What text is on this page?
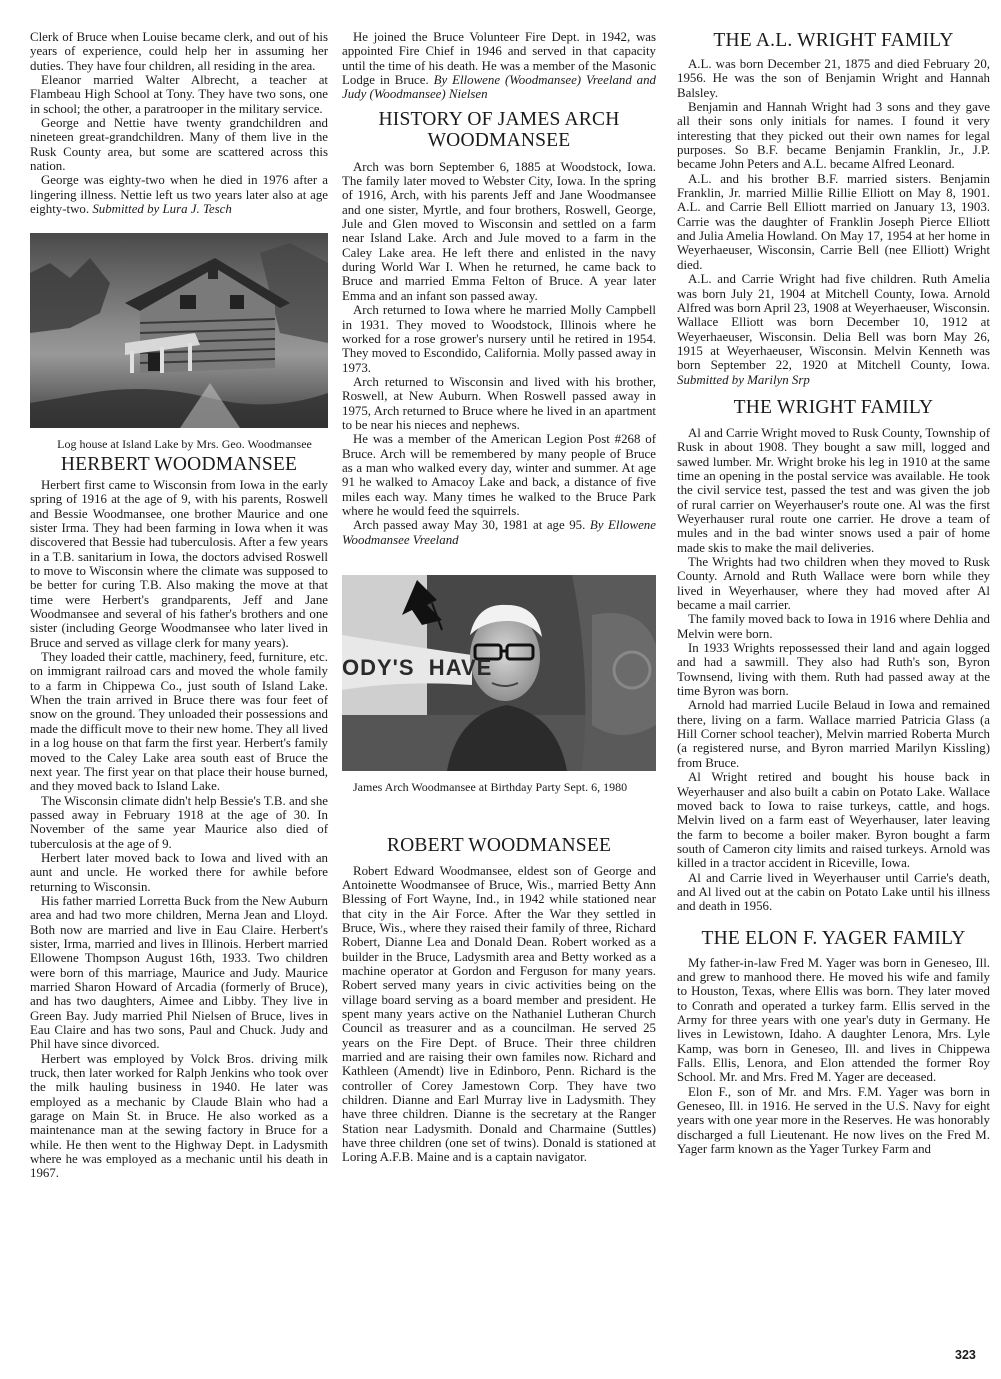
Clerk of Bruce when Louise became clerk, and out of his years of experience, could help her in assuming her duties. They have four children, all residing in the area.

Eleanor married Walter Albrecht, a teacher at Flambeau High School at Tony. They have two sons, one in school; the other, a paratrooper in the military service.

George and Nettie have twenty grandchildren and nineteen great-grandchildren. Many of them live in the Rusk County area, but some are scattered across this nation.

George was eighty-two when he died in 1976 after a lingering illness. Nettie left us two years later also at age eighty-two. Submitted by Lura J. Tesch

Log house at Island Lake by Mrs. Geo. Woodmansee

HERBERT WOODMANSEE

Herbert first came to Wisconsin from Iowa in the early spring of 1916 at the age of 9, with his parents, Roswell and Bessie Woodmansee, one brother Maurice and one sister Irma. They had been farming in Iowa when it was discovered that Bessie had tuberculosis. After a few years in a T.B. sanitarium in Iowa, the doctors advised Roswell to move to Wisconsin where the climate was supposed to be better for curing T.B. Also making the move at that time were Herbert's grandparents, Jeff and Jane Woodmansee and several of his father's brothers and one sister (including George Woodmansee who later lived in Bruce and served as village clerk for many years).

They loaded their cattle, machinery, feed, furniture, etc. on immigrant railroad cars and moved the whole family to a farm in Chippewa Co., just south of Island Lake. When the train arrived in Bruce there was four feet of snow on the ground. They unloaded their possessions and made the difficult move to their new home. They all lived in a log house on that farm the first year. Herbert's family moved to the Caley Lake area south east of Bruce the next year. The first year on that place their house burned, and they moved back to Island Lake.

The Wisconsin climate didn't help Bessie's T.B. and she passed away in February 1918 at the age of 30. In November of the same year Maurice also died of tuberculosis at the age of 9.

Herbert later moved back to Iowa and lived with an aunt and uncle. He worked there for awhile before returning to Wisconsin.

His father married Lorretta Buck from the New Auburn area and had two more children, Merna Jean and Lloyd. Both now are married and live in Eau Claire. Herbert's sister, Irma, married and lives in Illinois. Herbert married Ellowene Thompson August 16th, 1933. Two children were born of this marriage, Maurice and Judy. Maurice married Sharon Howard of Arcadia (formerly of Bruce), and has two daughters, Aimee and Libby. They live in Green Bay. Judy married Phil Nielsen of Bruce, lives in Eau Claire and has two sons, Paul and Chuck. Judy and Phil have since divorced.

Herbert was employed by Volck Bros. driving milk truck, then later worked for Ralph Jenkins who took over the milk hauling business in 1940. He later was employed as a mechanic by Claude Blain who had a garage on Main St. in Bruce. He also worked as a maintenance man at the sewing factory in Bruce for a while. He then went to the Highway Dept. in Ladysmith where he was employed as a mechanic until his death in 1967.

He joined the Bruce Volunteer Fire Dept. in 1942, was appointed Fire Chief in 1946 and served in that capacity until the time of his death. He was a member of the Masonic Lodge in Bruce. By Ellowene (Woodmansee) Vreeland and Judy (Woodmansee) Nielsen

HISTORY OF JAMES ARCH WOODMANSEE

Arch was born September 6, 1885 at Woodstock, Iowa. The family later moved to Webster City, Iowa. In the spring of 1916, Arch, with his parents Jeff and Jane Woodmansee and one sister, Myrtle, and four brothers, Roswell, George, Jule and Glen moved to Wisconsin and settled on a farm near Island Lake. Arch and Jule moved to a farm in the Caley Lake area. He left there and enlisted in the navy during World War I. When he returned, he came back to Bruce and married Emma Felton of Bruce. A year later Emma and an infant son passed away.

Arch returned to Iowa where he married Molly Campbell in 1931. They moved to Woodstock, Illinois where he worked for a rose grower's nursery until he retired in 1954. They moved to Escondido, California. Molly passed away in 1973.

Arch returned to Wisconsin and lived with his brother, Roswell, at New Auburn. When Roswell passed away in 1975, Arch returned to Bruce where he lived in an apartment to be near his nieces and nephews.

He was a member of the American Legion Post #268 of Bruce. Arch will be remembered by many people of Bruce as a man who walked every day, winter and summer. At age 91 he walked to Amacoy Lake and back, a distance of five miles each way. Many times he walked to the Bruce Park where he would feed the squirrels.

Arch passed away May 30, 1981 at age 95. By Ellowene Woodmansee Vreeland

ODY'S  HAVE

James Arch Woodmansee at Birthday Party Sept. 6, 1980

ROBERT WOODMANSEE

Robert Edward Woodmansee, eldest son of George and Antoinette Woodmansee of Bruce, Wis., married Betty Ann Blessing of Fort Wayne, Ind., in 1942 while stationed near that city in the Air Force. After the War they settled in Bruce, Wis., where they raised their family of three, Richard Robert, Dianne Lea and Donald Dean. Robert worked as a builder in the Bruce, Ladysmith area and Betty worked as a machine operator at Gordon and Ferguson for many years. Robert served many years in civic activities being on the village board serving as a board member and president. He spent many years active on the Nathaniel Lutheran Church Council as treasurer and as a councilman. He served 25 years on the Fire Dept. of Bruce. Their three children married and are raising their own familes now. Richard and Kathleen (Amendt) live in Edinboro, Penn. Richard is the controller of Corey Jamestown Corp. They have two children. Dianne and Earl Murray live in Ladysmith. They have three children. Dianne is the secretary at the Ranger Station near Ladysmith. Donald and Charmaine (Suttles) have three children (one set of twins). Donald is stationed at Loring A.F.B. Maine and is a captain navigator.

THE A.L. WRIGHT FAMILY

A.L. was born December 21, 1875 and died February 20, 1956. He was the son of Benjamin Wright and Hannah Balsley.

Benjamin and Hannah Wright had 3 sons and they gave all their sons only initials for names. I found it very interesting that they picked out their own names for legal purposes. So B.F. became Benjamin Franklin, Jr., J.P. became John Peters and A.L. became Alfred Leonard.

A.L. and his brother B.F. married sisters. Benjamin Franklin, Jr. married Millie Rillie Elliott on May 8, 1901. A.L. and Carrie Bell Elliott married on January 13, 1903. Carrie was the daughter of Franklin Joseph Pierce Elliott and Julia Amelia Howland. On May 17, 1954 at her home in Weyerhaeuser, Wisconsin, Carrie Bell (nee Elliott) Wright died.

A.L. and Carrie Wright had five children. Ruth Amelia was born July 21, 1904 at Mitchell County, Iowa. Arnold Alfred was born April 23, 1908 at Weyerhaeuser, Wisconsin. Wallace Elliott was born December 10, 1912 at Weyerhaeuser, Wisconsin. Delia Bell was born May 26, 1915 at Weyerhaeuser, Wisconsin. Melvin Kenneth was born September 22, 1920 at Mitchell County, Iowa. Submitted by Marilyn Srp

THE WRIGHT FAMILY

Al and Carrie Wright moved to Rusk County, Township of Rusk in about 1908. They bought a saw mill, logged and sawed lumber. Mr. Wright broke his leg in 1910 at the same time an opening in the postal service was available. He took the civil service test, passed the test and was given the job of rural carrier on Weyerhauser's route one. Al was the first Weyerhauser rural route one carrier. He drove a team of mules and in the bad winter snows used a pair of home made skis to make the mail deliveries.

The Wrights had two children when they moved to Rusk County. Arnold and Ruth Wallace were born while they lived in Weyerhauser, where they had moved after Al became a mail carrier.

The family moved back to Iowa in 1916 where Dehlia and Melvin were born.

In 1933 Wrights repossessed their land and again logged and had a sawmill. They also had Ruth's son, Byron Townsend, living with them. Ruth had passed away at the time Byron was born.

Arnold had married Lucile Belaud in Iowa and remained there, living on a farm. Wallace married Patricia Glass (a Hill Corner school teacher), Melvin married Roberta Murch (a registered nurse, and Byron married Marilyn Kissling) from Bruce.

Al Wright retired and bought his house back in Weyerhauser and also built a cabin on Potato Lake. Wallace moved back to Iowa to raise turkeys, cattle, and hogs. Melvin lived on a farm east of Weyerhauser, later leaving the farm to become a boiler maker. Byron bought a farm south of Cameron city limits and raised turkeys. Arnold was killed in a tractor accident in Riceville, Iowa.

Al and Carrie lived in Weyerhauser until Carrie's death, and Al lived out at the cabin on Potato Lake until his illness and death in 1956.

THE ELON F. YAGER FAMILY

My father-in-law Fred M. Yager was born in Geneseo, Ill. and grew to manhood there. He moved his wife and family to Houston, Texas, where Ellis was born. They later moved to Conrath and operated a turkey farm. Ellis served in the Army for three years with one year's duty in Germany. He lives in Lewistown, Idaho. A daughter Lenora, Mrs. Lyle Kamp, was born in Geneseo, Ill. and lives in Chippewa Falls. Ellis, Lenora, and Elon attended the former Roy School. Mr. and Mrs. Fred M. Yager are deceased.

Elon F., son of Mr. and Mrs. F.M. Yager was born in Geneseo, Ill. in 1916. He served in the U.S. Navy for eight years with one year more in the Reserves. He was honorably discharged a full Lieutenant. He now lives on the Fred M. Yager farm known as the Yager Turkey Farm and

323
